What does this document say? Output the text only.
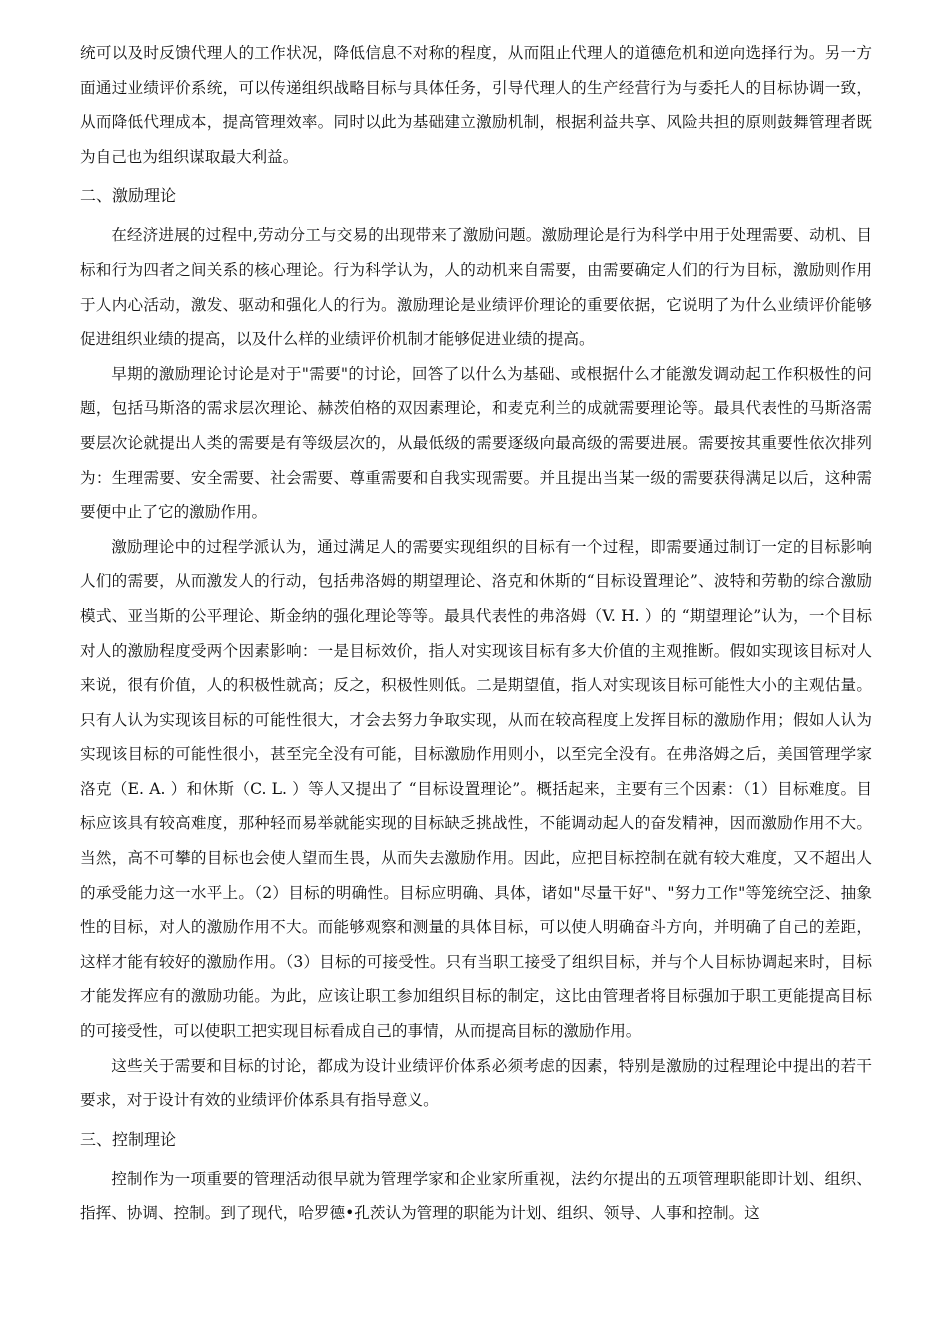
统可以及时反馈代理人的工作状况，降低信息不对称的程度，从而阻止代理人的道德危机和逆向选择行为。另一方面通过业绩评价系统，可以传递组织战略目标与具体任务，引导代理人的生产经营行为与委托人的目标协调一致，从而降低代理成本，提高管理效率。同时以此为基础建立激励机制，根据利益共享、风险共担的原则鼓舞管理者既为自己也为组织谋取最大利益。

二、激励理论

在经济进展的过程中,劳动分工与交易的出现带来了激励问题。激励理论是行为科学中用于处理需要、动机、目标和行为四者之间关系的核心理论。行为科学认为，人的动机来自需要，由需要确定人们的行为目标，激励则作用于人内心活动，激发、驱动和强化人的行为。激励理论是业绩评价理论的重要依据，它说明了为什么业绩评价能够促进组织业绩的提高，以及什么样的业绩评价机制才能够促进业绩的提高。

早期的激励理论讨论是对于"需要"的讨论，回答了以什么为基础、或根据什么才能激发调动起工作积极性的问题，包括马斯洛的需求层次理论、赫茨伯格的双因素理论，和麦克利兰的成就需要理论等。最具代表性的马斯洛需要层次论就提出人类的需要是有等级层次的，从最低级的需要逐级向最高级的需要进展。需要按其重要性依次排列为：生理需要、安全需要、社会需要、尊重需要和自我实现需要。并且提出当某一级的需要获得满足以后，这种需要便中止了它的激励作用。

激励理论中的过程学派认为，通过满足人的需要实现组织的目标有一个过程，即需要通过制订一定的目标影响人们的需要，从而激发人的行动，包括弗洛姆的期望理论、洛克和休斯的“目标设置理论”、波特和劳勒的综合激励模式、亚当斯的公平理论、斯金纳的强化理论等等。最具代表性的弗洛姆（V. H. ）的 “期望理论”认为，一个目标对人的激励程度受两个因素影响：一是目标效价，指人对实现该目标有多大价值的主观推断。假如实现该目标对人来说，很有价值，人的积极性就高；反之，积极性则低。二是期望值，指人对实现该目标可能性大小的主观估量。只有人认为实现该目标的可能性很大，才会去努力争取实现，从而在较高程度上发挥目标的激励作用；假如人认为实现该目标的可能性很小，甚至完全没有可能，目标激励作用则小，以至完全没有。在弗洛姆之后，美国管理学家洛克（E. A. ）和休斯（C. L. ）等人又提出了 “目标设置理论”。概括起来，主要有三个因素：（1）目标难度。目标应该具有较高难度，那种轻而易举就能实现的目标缺乏挑战性，不能调动起人的奋发精神，因而激励作用不大。当然，高不可攀的目标也会使人望而生畏，从而失去激励作用。因此，应把目标控制在就有较大难度，又不超出人的承受能力这一水平上。（2）目标的明确性。目标应明确、具体，诸如"尽量干好"、"努力工作"等笼统空泛、抽象性的目标，对人的激励作用不大。而能够观察和测量的具体目标，可以使人明确奋斗方向，并明确了自己的差距，这样才能有较好的激励作用。（3）目标的可接受性。只有当职工接受了组织目标，并与个人目标协调起来时，目标才能发挥应有的激励功能。为此，应该让职工参加组织目标的制定，这比由管理者将目标强加于职工更能提高目标的可接受性，可以使职工把实现目标看成自己的事情，从而提高目标的激励作用。

这些关于需要和目标的讨论，都成为设计业绩评价体系必须考虑的因素，特别是激励的过程理论中提出的若干要求，对于设计有效的业绩评价体系具有指导意义。

三、控制理论

控制作为一项重要的管理活动很早就为管理学家和企业家所重视，法约尔提出的五项管理职能即计划、组织、指挥、协调、控制。到了现代，哈罗德•孔茨认为管理的职能为计划、组织、领导、人事和控制。这
